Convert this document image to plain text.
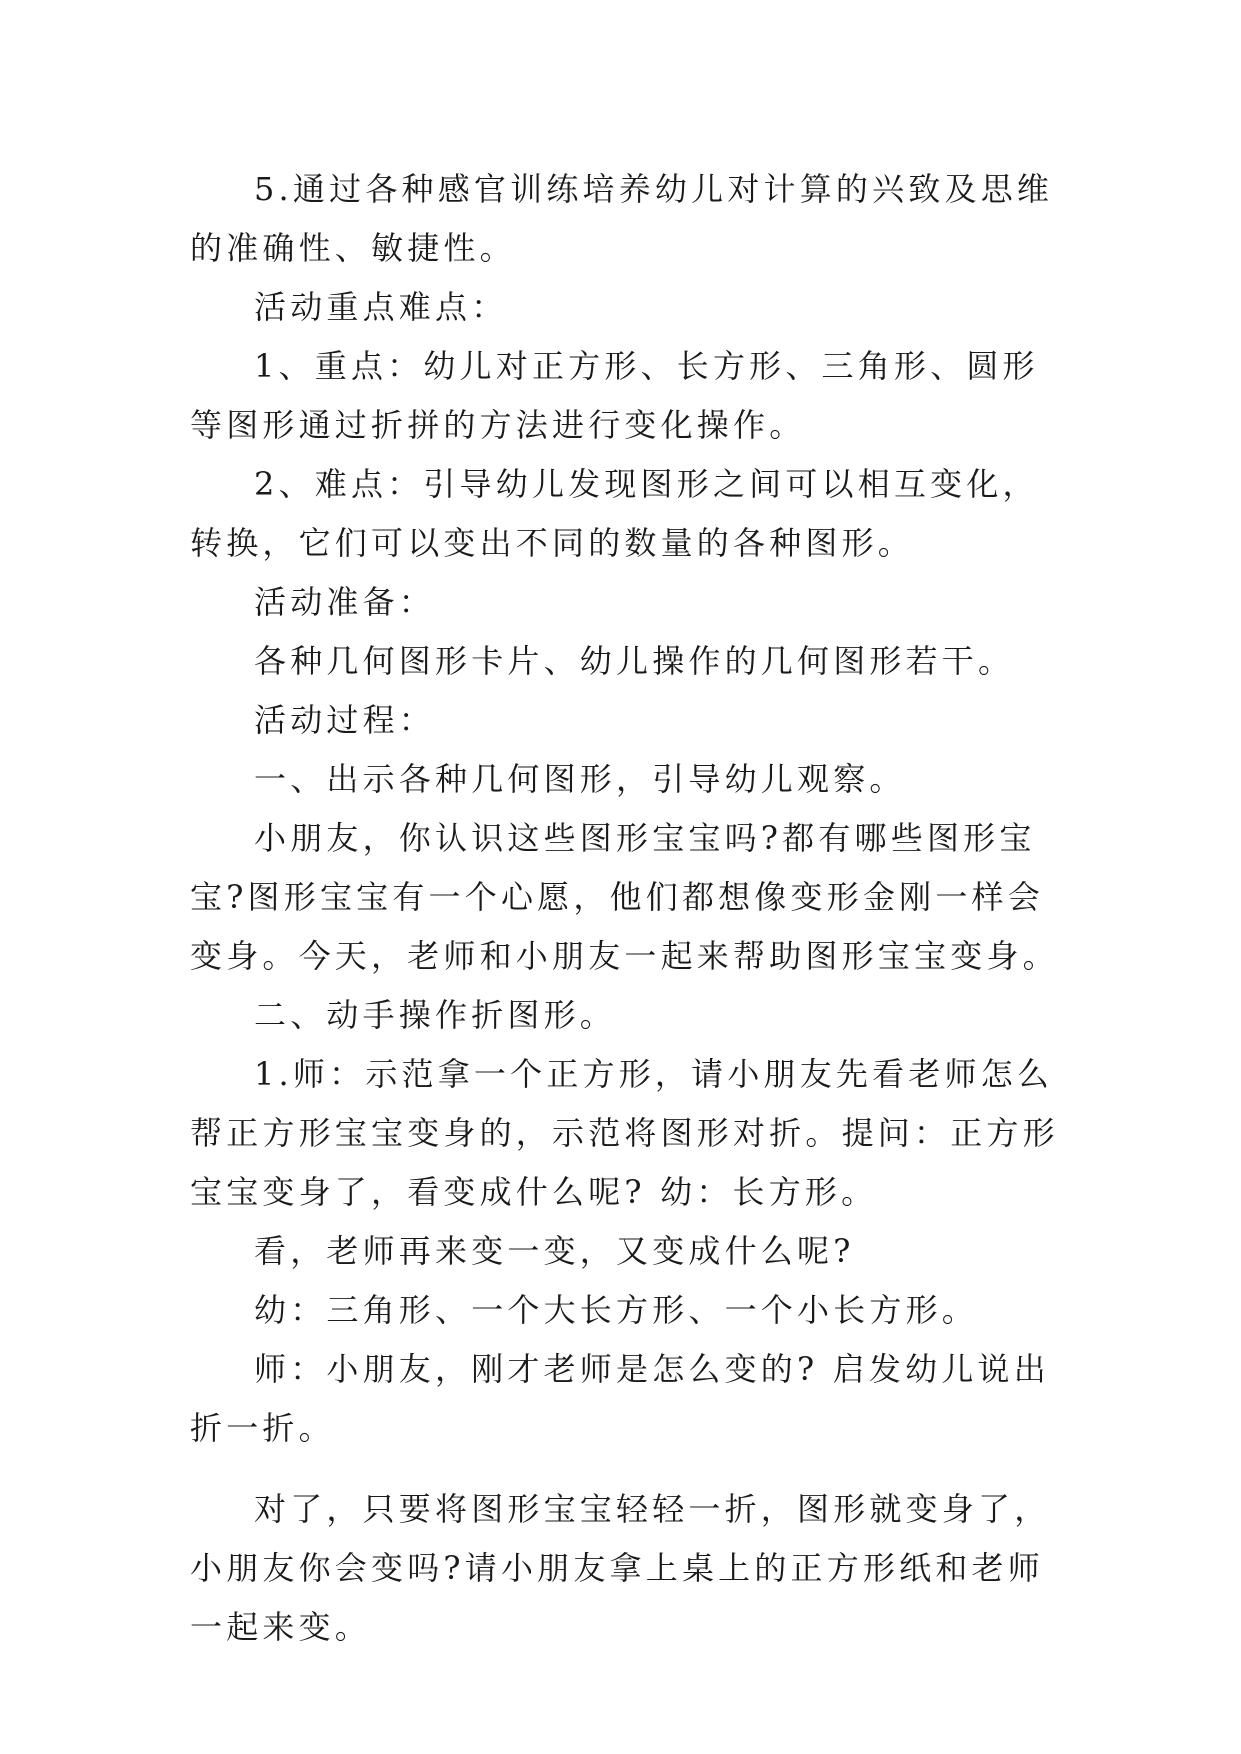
5.通过各种感官训练培养幼儿对计算的兴致及思维的准确性、敏捷性。

活动重点难点：

1、重点：幼儿对正方形、长方形、三角形、圆形等图形通过折拼的方法进行变化操作。

2、难点：引导幼儿发现图形之间可以相互变化，转换，它们可以变出不同的数量的各种图形。

活动准备：

各种几何图形卡片、幼儿操作的几何图形若干。

活动过程：

一、出示各种几何图形，引导幼儿观察。

小朋友，你认识这些图形宝宝吗?都有哪些图形宝宝?图形宝宝有一个心愿，他们都想像变形金刚一样会变身。今天，老师和小朋友一起来帮助图形宝宝变身。

二、动手操作折图形。

1.师：示范拿一个正方形，请小朋友先看老师怎么帮正方形宝宝变身的，示范将图形对折。提问：正方形宝宝变身了，看变成什么呢? 幼：长方形。

看，老师再来变一变，又变成什么呢?

幼：三角形、一个大长方形、一个小长方形。

师：小朋友，刚才老师是怎么变的? 启发幼儿说出折一折。

对了，只要将图形宝宝轻轻一折，图形就变身了，小朋友你会变吗?请小朋友拿上桌上的正方形纸和老师一起来变。
